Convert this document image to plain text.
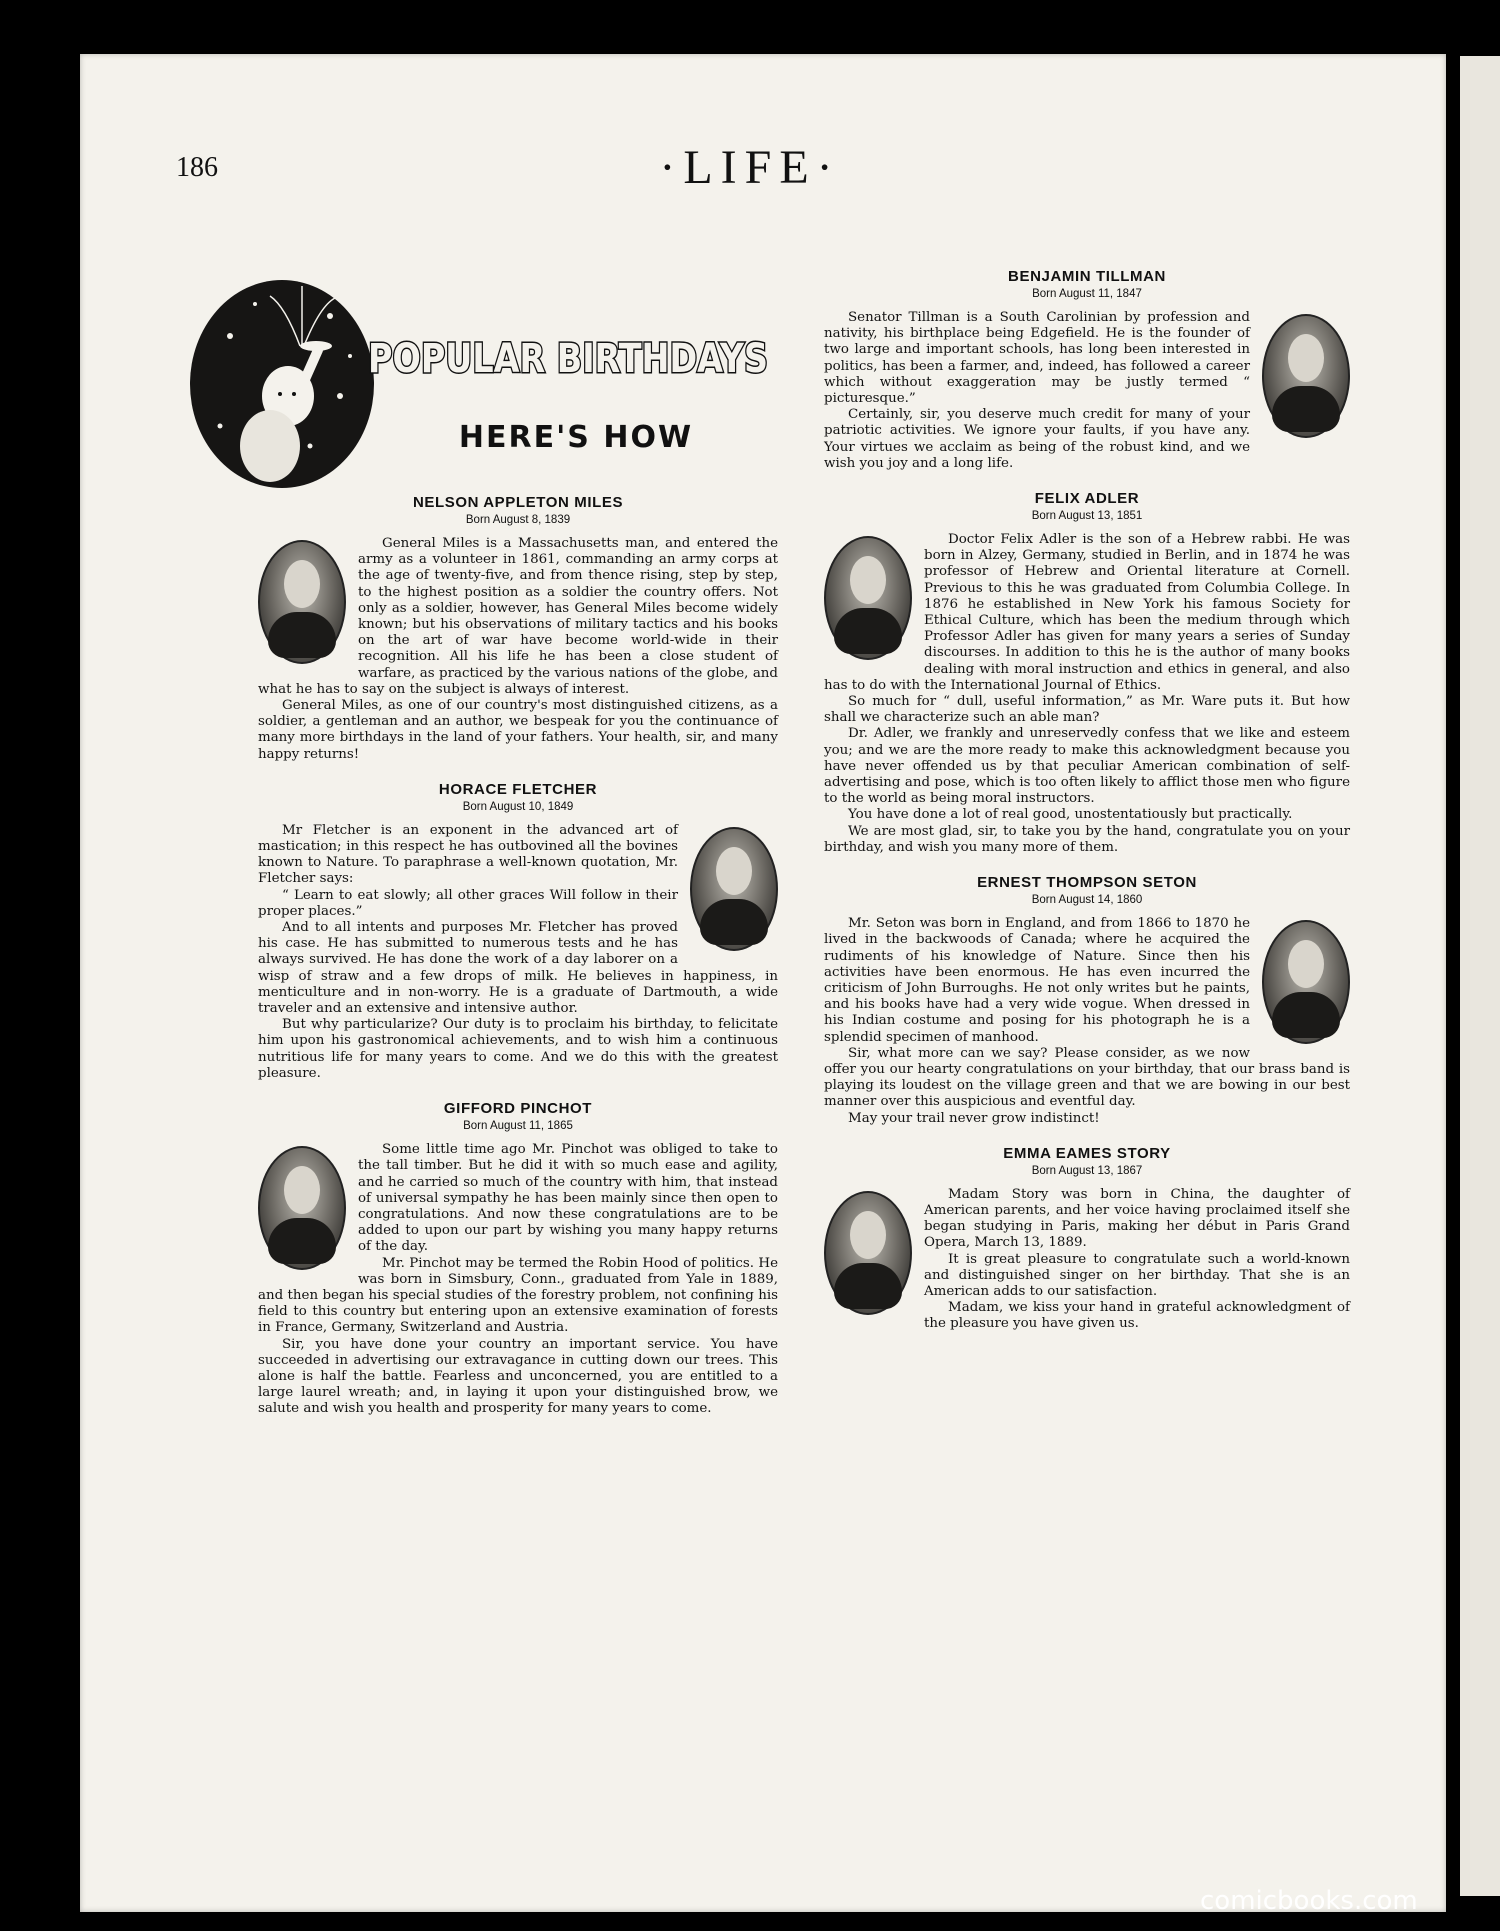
186	·LIFE·
POPULAR BIRTHDAYS
HERE'S HOW
NELSON APPLETON MILES
Born August 8, 1839

General Miles is a Massachusetts man, and entered the army as a volunteer in 1861, commanding an army corps at the age of twenty-five, and from thence rising, step by step, to the highest position as a soldier the country offers. Not only as a soldier, however, has General Miles become widely known; but his observations of military tactics and his books on the art of war have become world-wide in their recognition. All his life he has been a close student of warfare, as practiced by the various nations of the globe, and what he has to say on the subject is always of interest.

General Miles, as one of our country's most distinguished citizens, as a soldier, a gentleman and an author, we bespeak for you the continuance of many more birthdays in the land of your fathers. Your health, sir, and many happy returns!

HORACE FLETCHER
Born August 10, 1849

Mr Fletcher is an exponent in the advanced art of mastication; in this respect he has outbovined all the bovines known to Nature. To paraphrase a well-known quotation, Mr. Fletcher says:

“ Learn to eat slowly; all other graces Will follow in their proper places.”

And to all intents and purposes Mr. Fletcher has proved his case. He has submitted to numerous tests and he has always survived. He has done the work of a day laborer on a wisp of straw and a few drops of milk. He believes in happiness, in menticulture and in non-worry. He is a graduate of Dartmouth, a wide traveler and an extensive and intensive author.

But why particularize? Our duty is to proclaim his birthday, to felicitate him upon his gastronomical achievements, and to wish him a continuous nutritious life for many years to come. And we do this with the greatest pleasure.

GIFFORD PINCHOT
Born August 11, 1865

Some little time ago Mr. Pinchot was obliged to take to the tall timber. But he did it with so much ease and agility, and he carried so much of the country with him, that instead of universal sympathy he has been mainly since then open to congratulations. And now these congratulations are to be added to upon our part by wishing you many happy returns of the day.

Mr. Pinchot may be termed the Robin Hood of politics. He was born in Simsbury, Conn., graduated from Yale in 1889, and then began his special studies of the forestry problem, not confining his field to this country but entering upon an extensive examination of forests in France, Germany, Switzerland and Austria.

Sir, you have done your country an important service. You have succeeded in advertising our extravagance in cutting down our trees. This alone is half the battle. Fearless and unconcerned, you are entitled to a large laurel wreath; and, in laying it upon your distinguished brow, we salute and wish you health and prosperity for many years to come.

BENJAMIN TILLMAN
Born August 11, 1847

Senator Tillman is a South Carolinian by profession and nativity, his birthplace being Edgefield. He is the founder of two large and important schools, has long been interested in politics, has been a farmer, and, indeed, has followed a career which without exaggeration may be justly termed “ picturesque.”

Certainly, sir, you deserve much credit for many of your patriotic activities. We ignore your faults, if you have any. Your virtues we acclaim as being of the robust kind, and we wish you joy and a long life.

FELIX ADLER
Born August 13, 1851

Doctor Felix Adler is the son of a Hebrew rabbi. He was born in Alzey, Germany, studied in Berlin, and in 1874 he was professor of Hebrew and Oriental literature at Cornell. Previous to this he was graduated from Columbia College. In 1876 he established in New York his famous Society for Ethical Culture, which has been the medium through which Professor Adler has given for many years a series of Sunday discourses. In addition to this he is the author of many books dealing with moral instruction and ethics in general, and also has to do with the International Journal of Ethics.

So much for “ dull, useful information,” as Mr. Ware puts it. But how shall we characterize such an able man?

Dr. Adler, we frankly and unreservedly confess that we like and esteem you; and we are the more ready to make this acknowledgment because you have never offended us by that peculiar American combination of self-advertising and pose, which is too often likely to afflict those men who figure to the world as being moral instructors.

You have done a lot of real good, unostentatiously but practically.

We are most glad, sir, to take you by the hand, congratulate you on your birthday, and wish you many more of them.

ERNEST THOMPSON SETON
Born August 14, 1860

Mr. Seton was born in England, and from 1866 to 1870 he lived in the backwoods of Canada; where he acquired the rudiments of his knowledge of Nature. Since then his activities have been enormous. He has even incurred the criticism of John Burroughs. He not only writes but he paints, and his books have had a very wide vogue. When dressed in his Indian costume and posing for his photograph he is a splendid specimen of manhood.

Sir, what more can we say? Please consider, as we now offer you our hearty congratulations on your birthday, that our brass band is playing its loudest on the village green and that we are bowing in our best manner over this auspicious and eventful day.

May your trail never grow indistinct!

EMMA EAMES STORY
Born August 13, 1867

Madam Story was born in China, the daughter of American parents, and her voice having proclaimed itself she began studying in Paris, making her début in Paris Grand Opera, March 13, 1889.

It is great pleasure to congratulate such a world-known and distinguished singer on her birthday. That she is an American adds to our satisfaction.

Madam, we kiss your hand in grateful acknowledgment of the pleasure you have given us.

comicbooks.com
